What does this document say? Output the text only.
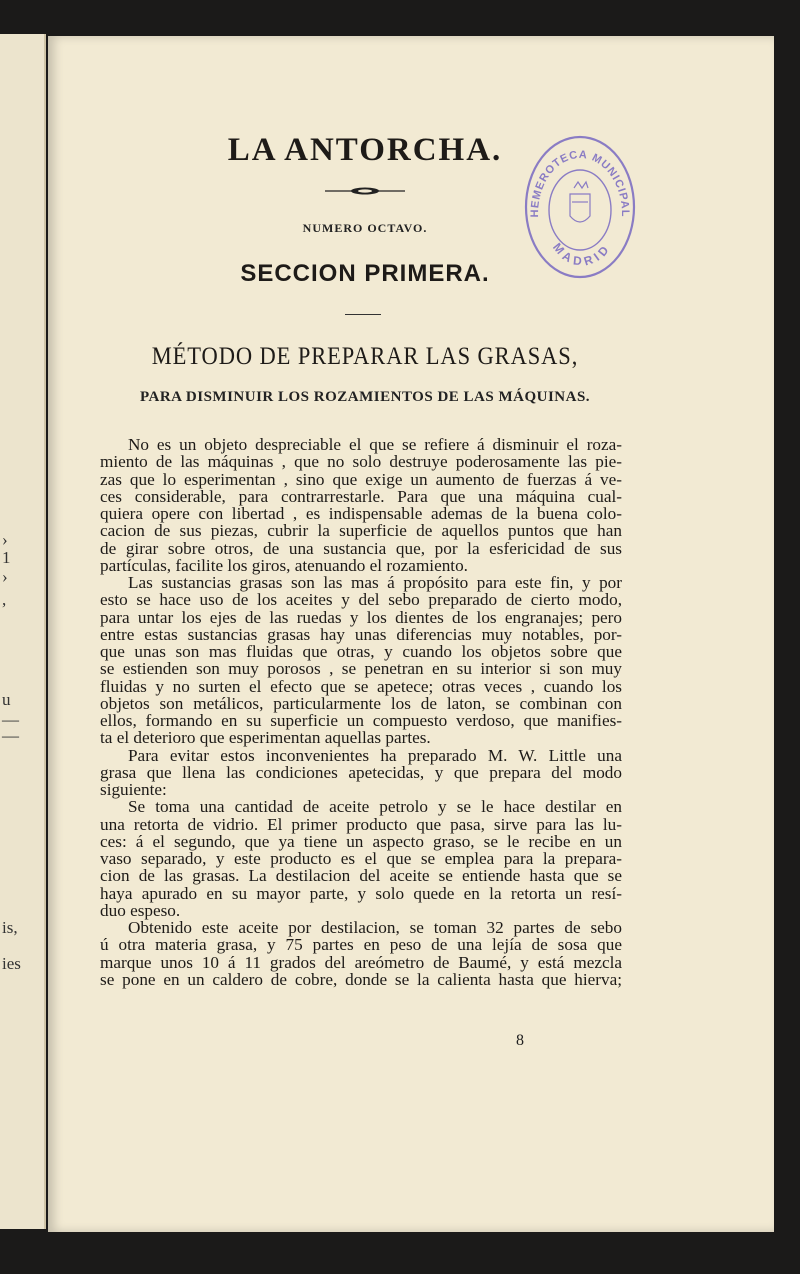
›
1
›
,
u
—
—
is,
ies
LA ANTORCHA.
NUMERO OCTAVO.
SECCION PRIMERA.
MÉTODO DE PREPARAR LAS GRASAS,
PARA DISMINUIR LOS ROZAMIENTOS DE LAS MÁQUINAS.
No es un objeto despreciable el que se refiere á disminuir el roza-
miento de las máquinas , que no solo destruye poderosamente las pie-
zas que lo esperimentan , sino que exige un aumento de fuerzas á ve-
ces considerable, para contrarrestarle. Para que una máquina cual-
quiera opere con libertad , es indispensable ademas de la buena colo-
cacion de sus piezas, cubrir la superficie de aquellos puntos que han
de girar sobre otros, de una sustancia que, por la esfericidad de sus
partículas, facilite los giros, atenuando el rozamiento.
Las sustancias grasas son las mas á propósito para este fin, y por
esto se hace uso de los aceites y del sebo preparado de cierto modo,
para untar los ejes de las ruedas y los dientes de los engranajes; pero
entre estas sustancias grasas hay unas diferencias muy notables, por-
que unas son mas fluidas que otras, y cuando los objetos sobre que
se estienden son muy porosos , se penetran en su interior si son muy
fluidas y no surten el efecto que se apetece; otras veces , cuando los
objetos son metálicos, particularmente los de laton, se combinan con
ellos, formando en su superficie un compuesto verdoso, que manifies-
ta el deterioro que esperimentan aquellas partes.
Para evitar estos inconvenientes ha preparado M. W. Little una
grasa que llena las condiciones apetecidas, y que prepara del modo
siguiente:
Se toma una cantidad de aceite petrolo y se le hace destilar en
una retorta de vidrio. El primer producto que pasa, sirve para las lu-
ces: á el segundo, que ya tiene un aspecto graso, se le recibe en un
vaso separado, y este producto es el que se emplea para la prepara-
cion de las grasas. La destilacion del aceite se entiende hasta que se
haya apurado en su mayor parte, y solo quede en la retorta un resí-
duo espeso.
Obtenido este aceite por destilacion, se toman 32 partes de sebo
ú otra materia grasa, y 75 partes en peso de una lejía de sosa que
marque unos 10 á 11 grados del areómetro de Baumé, y está mezcla
se pone en un caldero de cobre, donde se la calienta hasta que hierva;
8
HEMEROTECA MUNICIPAL
MADRID
